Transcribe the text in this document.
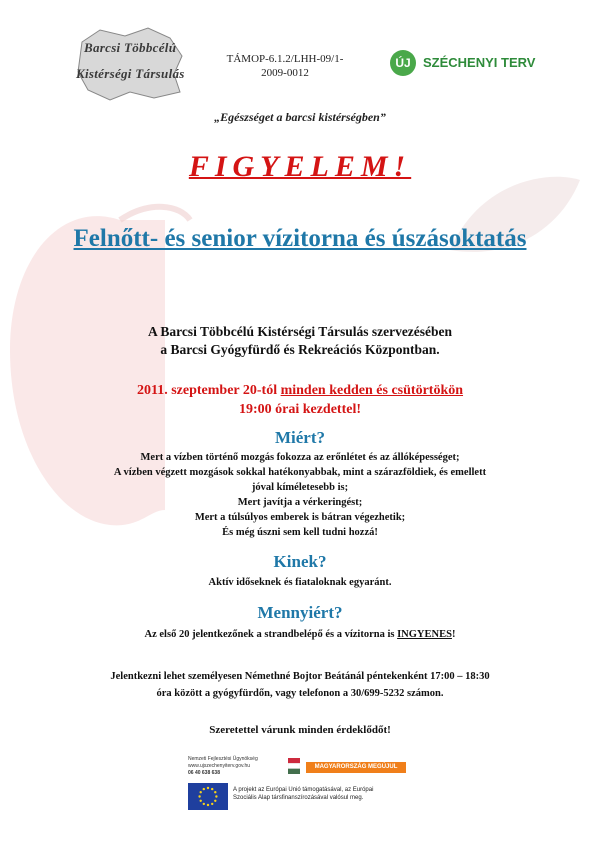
Barcsi Többcélú
Kistérségi Társulás
TÁMOP-6.1.2/LHH-09/1-
2009-0012
ÚJ SZÉCHENYI TERV
„Egészséget a barcsi kistérségben”
FIGYELEM!
Felnőtt- és senior vízitorna és úszásoktatás
A Barcsi Többcélú Kistérségi Társulás szervezésében
a Barcsi Gyógyfürdő és Rekreációs Központban.
2011. szeptember 20-tól minden kedden és csütörtökön
19:00 órai kezdettel!
Miért?
Mert a vízben történő mozgás fokozza az erőnlétet és az állóképességet;
A vízben végzett mozgások sokkal hatékonyabbak, mint a szárazföldiek, és emellett
jóval kíméletesebb is;
Mert javítja a vérkeringést;
Mert a túlsúlyos emberek is bátran végezhetik;
És még úszni sem kell tudni hozzá!
Kinek?
Aktív időseknek és fiataloknak egyaránt.
Mennyiért?
Az első 20 jelentkezőnek a strandbelépő és a vízitorna is INGYENES!
Jelentkezni lehet személyesen Némethné Bojtor Beátánál péntekenként 17:00 – 18:30
óra között a gyógyfürdőn, vagy telefonon a 30/699-5232 számon.
Szeretettel várunk minden érdeklődőt!
Nemzeti Fejlesztési Ügynökség
www.ujszechenyiterv.gov.hu
06 40 638 638
MAGYARORSZÁG MEGÚJUL
A projekt az Európai Unió támogatásával, az Európai
Szociális Alap társfinanszírozásával valósul meg.
